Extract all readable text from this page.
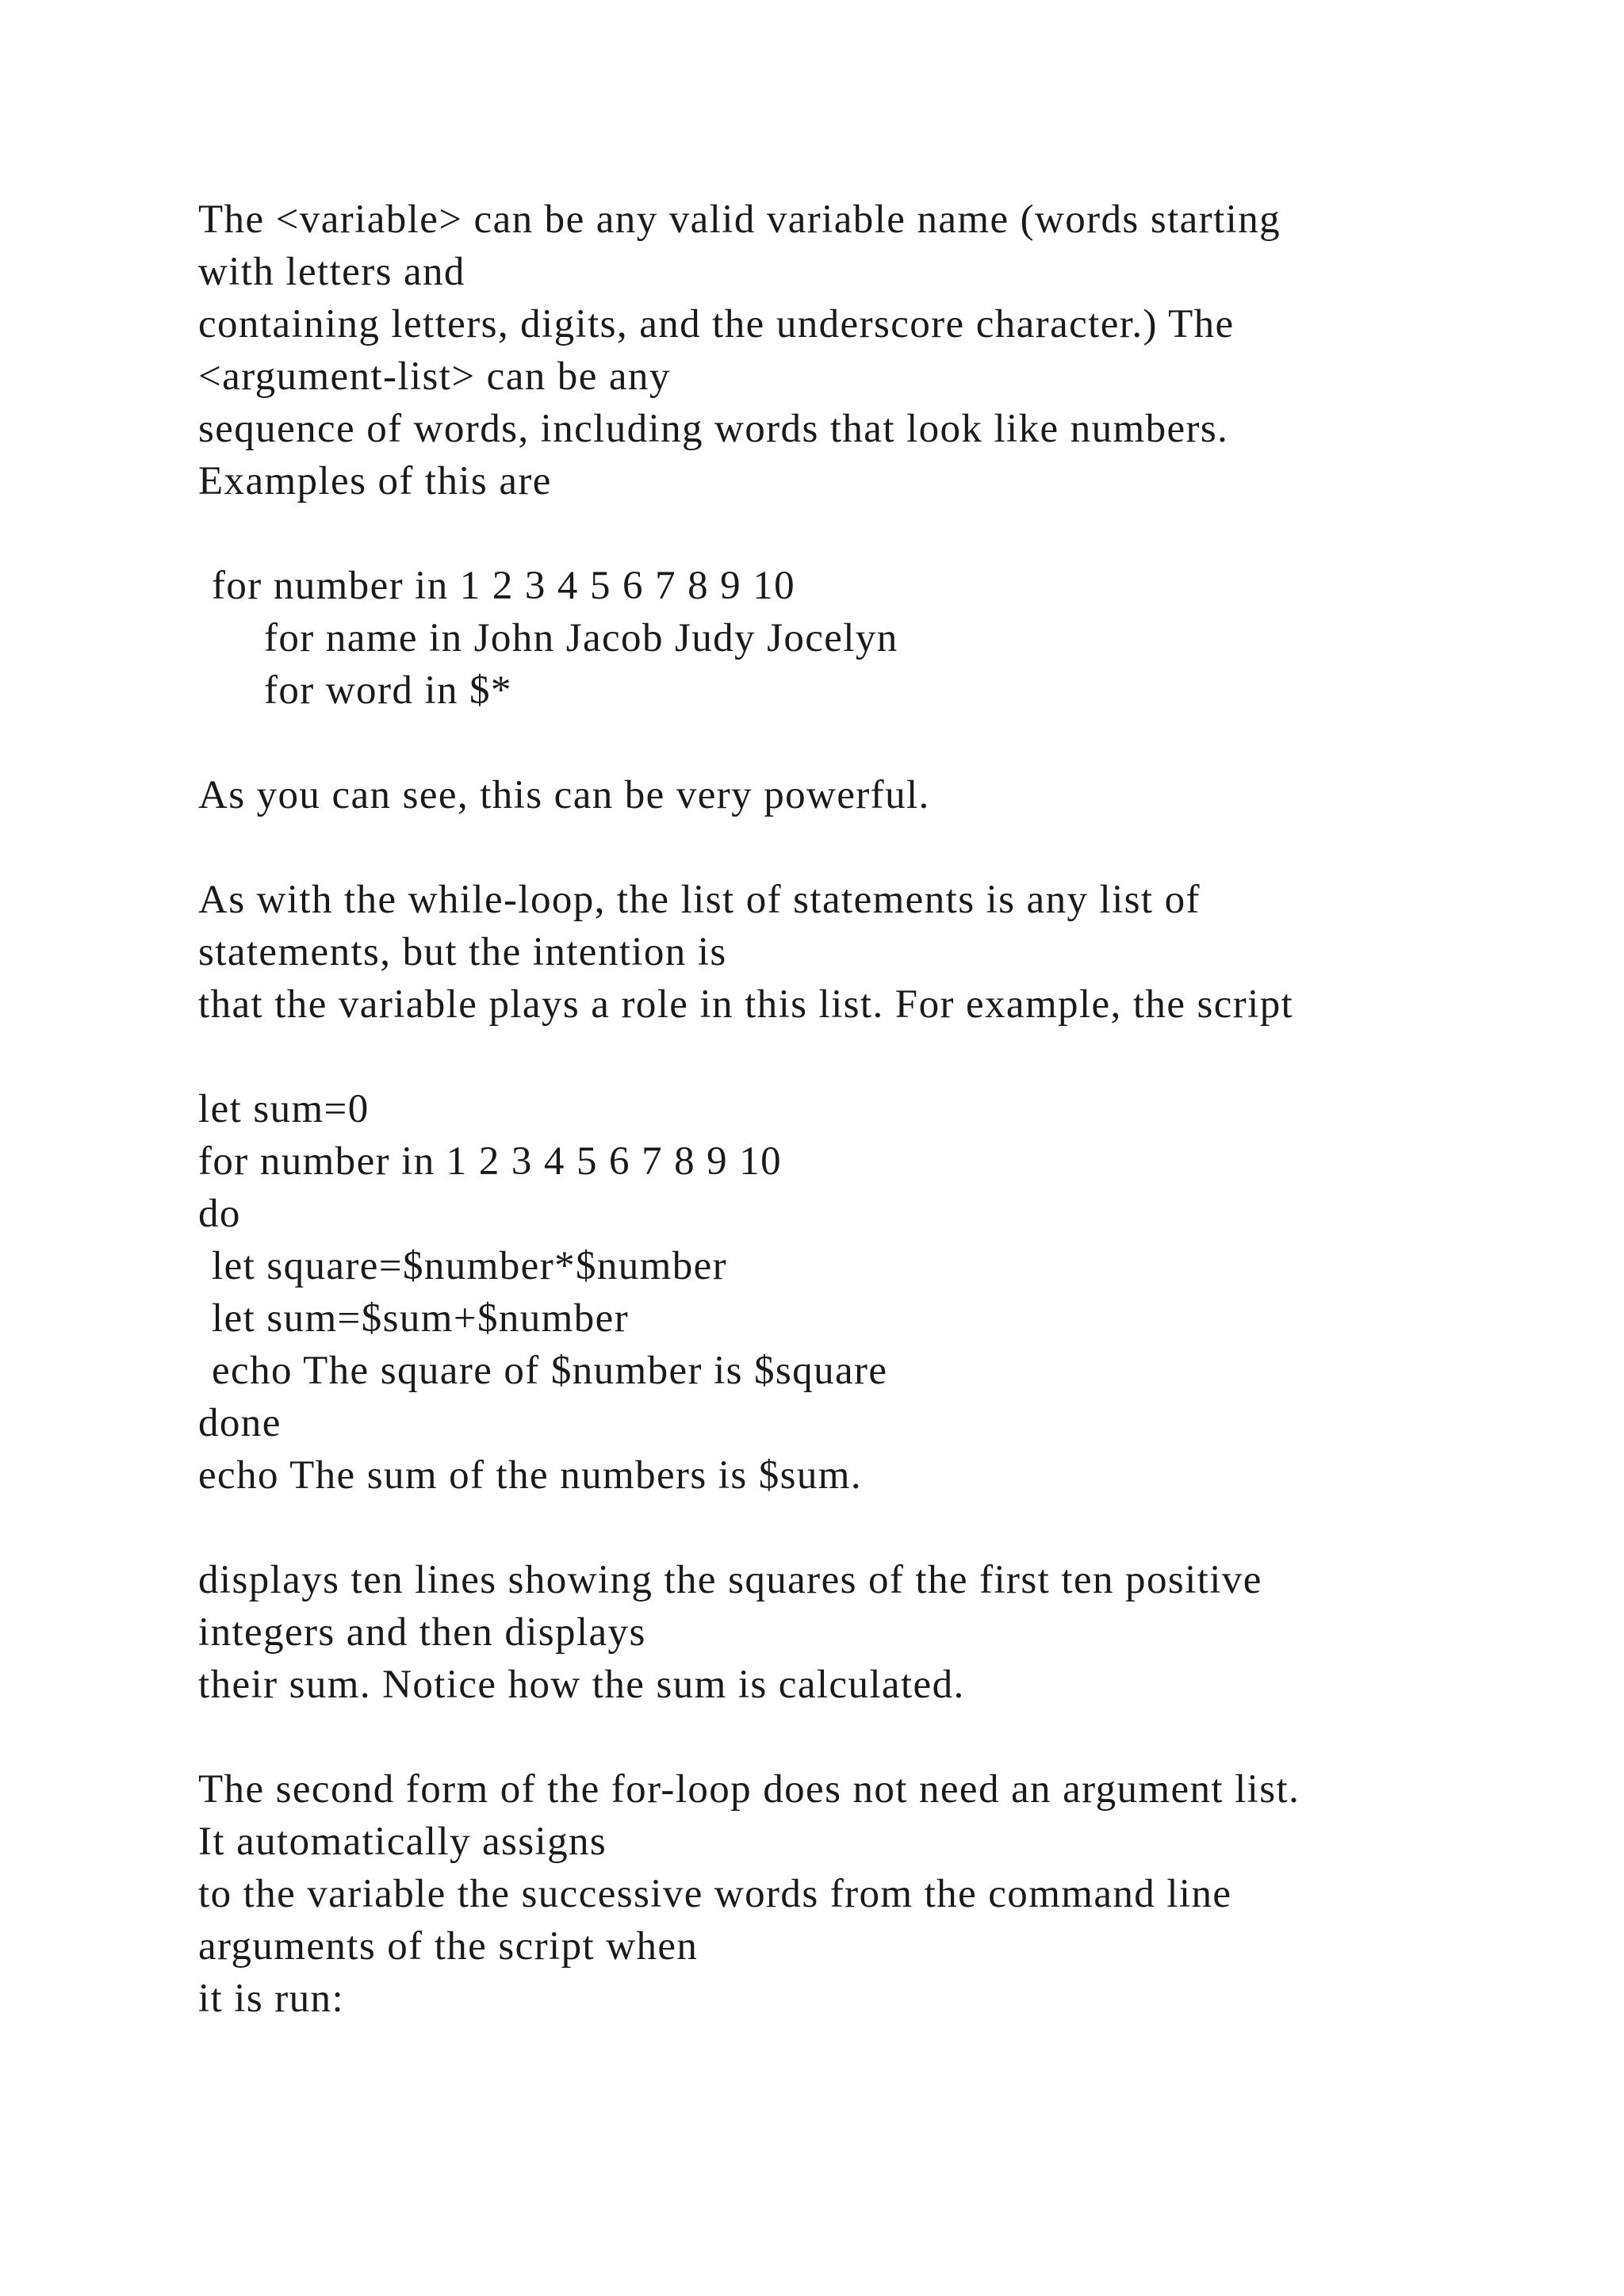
The <variable> can be any valid variable name (words starting
with letters and
containing letters, digits, and the underscore character.) The
<argument-list> can be any
sequence of words, including words that look like numbers.
Examples of this are
for number in 1 2 3 4 5 6 7 8 9 10
for name in John Jacob Judy Jocelyn
for word in $*
As you can see, this can be very powerful.
As with the while-loop, the list of statements is any list of
statements, but the intention is
that the variable plays a role in this list. For example, the script
let sum=0
for number in 1 2 3 4 5 6 7 8 9 10
do
let square=$number*$number
let sum=$sum+$number
echo The square of $number is $square
done
echo The sum of the numbers is $sum.
displays ten lines showing the squares of the first ten positive
integers and then displays
their sum. Notice how the sum is calculated.
The second form of the for-loop does not need an argument list.
It automatically assigns
to the variable the successive words from the command line
arguments of the script when
it is run:
